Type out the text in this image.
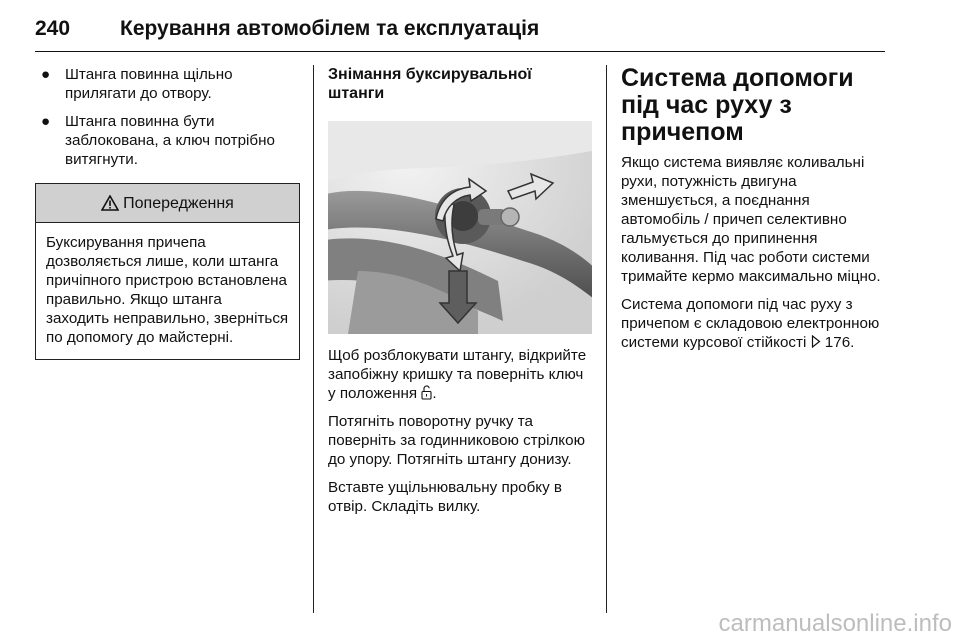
240 Керування автомобілем та експлуатація
● Штанга повинна щільно прилягати до отвору.
● Штанга повинна бути заблокована, а ключ потрібно витягнути.
Попередження
Буксирування причепа дозволяється лише, коли штанга причіпного пристрою встановлена правильно. Якщо штанга заходить неправильно, зверніться по допомогу до майстерні.
Знімання буксирувальної штанги

Щоб розблокувати штангу, відкрийте запобіжну кришку та поверніть ключ у положення .

Потягніть поворотну ручку та поверніть за годинниковою стрілкою до упору. Потягніть штангу донизу.

Вставте ущільнювальну пробку в отвір. Складіть вилку.

Система допомоги під час руху з причепом

Якщо система виявляє коливальні рухи, потужність двигуна зменшується, а поєднання автомобіль / причеп селективно гальмується до припинення коливання. Під час роботи системи тримайте кермо максимально міцно.

Система допомоги під час руху з причепом є складовою електронною системи курсової стійкості 176.

carmanualsonline.info
